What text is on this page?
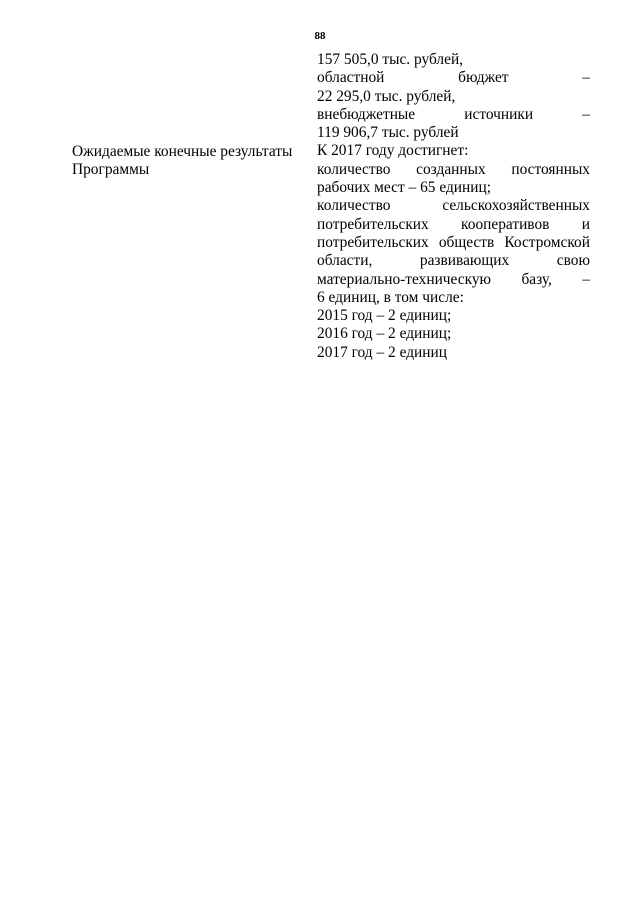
88
Ожидаемые конечные результаты
Программы
157 505,0 тыс. рублей,
областной бюджет –
22 295,0 тыс. рублей,
внебюджетные источники –
119 906,7 тыс. рублей
К 2017 году достигнет:
количество созданных постоянных
рабочих мест – 65 единиц;
количество сельскохозяйственных
потребительских кооперативов и
потребительских обществ Костромской
области, развивающих свою
материально-техническую базу, –
6 единиц, в том числе:
2015 год – 2 единиц;
2016 год – 2 единиц;
2017 год – 2 единиц
